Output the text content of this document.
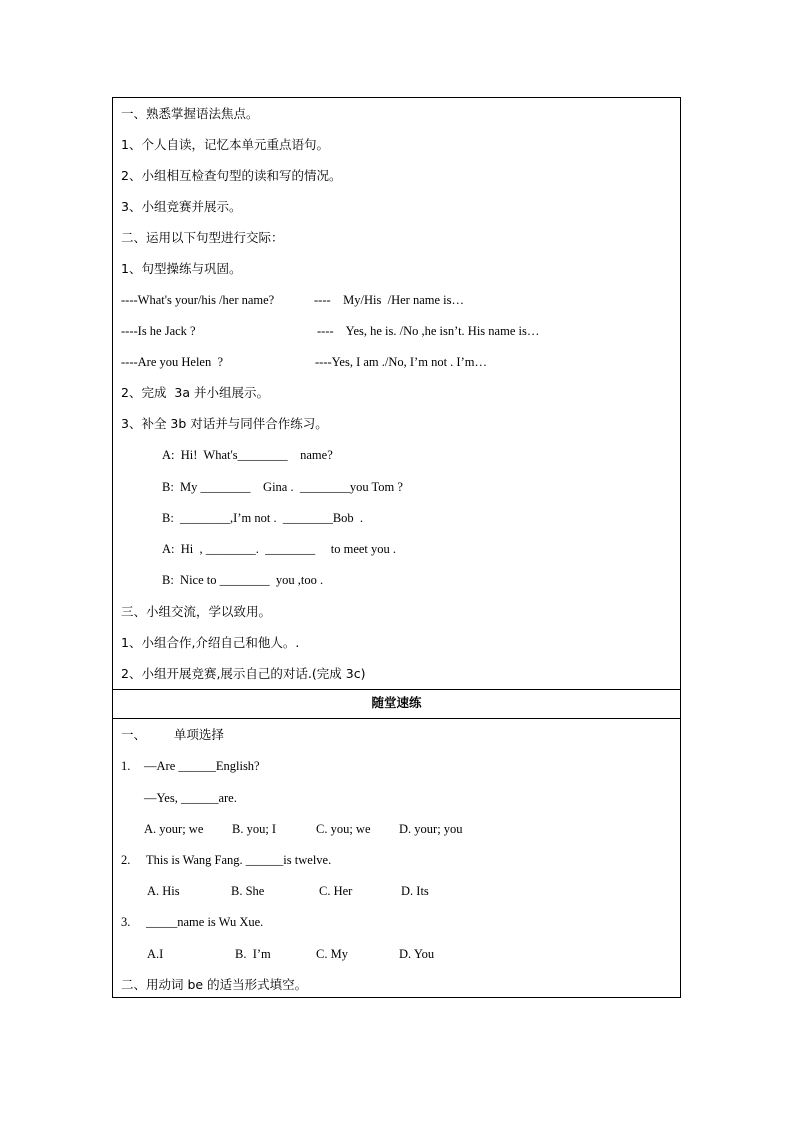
一、熟悉掌握语法焦点。
1、个人自读，记忆本单元重点语句。
2、小组相互检查句型的读和写的情况。
3、小组竞赛并展示。
二、运用以下句型进行交际：
1、句型操练与巩固。
----What's your/his /her name?	----    My/His  /Her name is…
----Is he Jack ?	----    Yes, he is. /No ,he isn’t. His name is…
----Are you Helen  ?	----Yes, I am ./No, I’m not . I’m…
2、完成  3a 并小组展示。
3、补全 3b 对话并与同伴合作练习。
A:  Hi!  What's________    name?
B:  My ________    Gina .  ________you Tom ?
B:  ________,I’m not .  ________Bob  .
A:  Hi  , ________.  ________     to meet you .
B:  Nice to ________  you ,too .
三、小组交流，学以致用。
1、小组合作,介绍自己和他人。.
2、小组开展竞赛,展示自己的对话.(完成 3c)
随堂速练
一、       单项选择
1. —Are ______English?
—Yes, ______are.
A. your; we B. you; I	C. you; we D. your; you
2. This is Wang Fang. ______is twelve.
A. His	B. She	C. Her	D. Its
3. _____name is Wu Xue.
A.I	B.  I’m	C. My	D. You
二、用动词 be 的适当形式填空。
